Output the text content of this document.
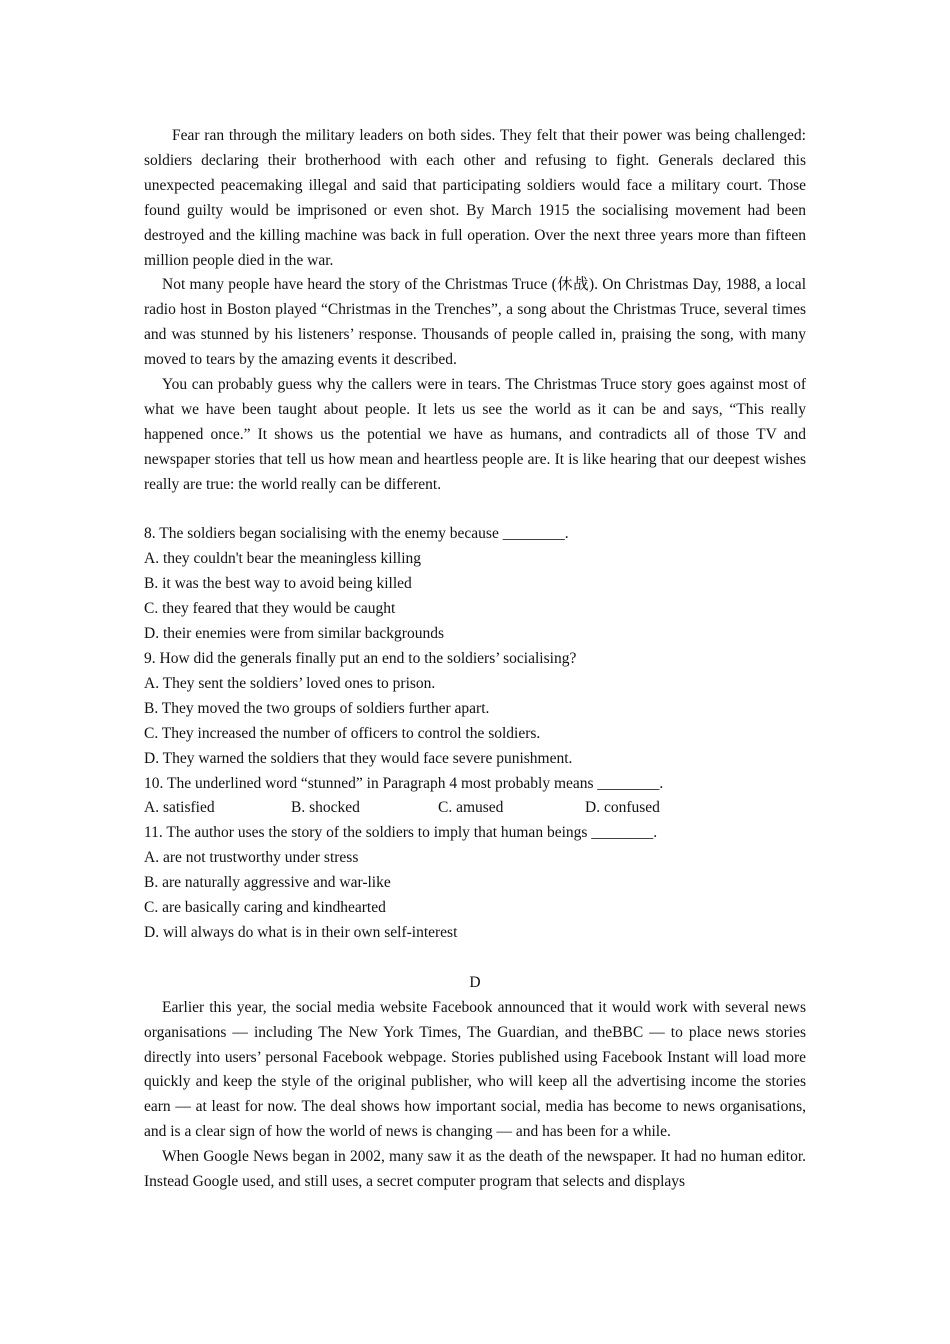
Fear ran through the military leaders on both sides. They felt that their power was being challenged: soldiers declaring their brotherhood with each other and refusing to fight. Generals declared this unexpected peacemaking illegal and said that participating soldiers would face a military court. Those found guilty would be imprisoned or even shot. By March 1915 the socialising movement had been destroyed and the killing machine was back in full operation. Over the next three years more than fifteen million people died in the war.

Not many people have heard the story of the Christmas Truce (休战). On Christmas Day, 1988, a local radio host in Boston played “Christmas in the Trenches”, a song about the Christmas Truce, several times and was stunned by his listeners’ response. Thousands of people called in, praising the song, with many moved to tears by the amazing events it described.

You can probably guess why the callers were in tears. The Christmas Truce story goes against most of what we have been taught about people. It lets us see the world as it can be and says, “This really happened once.” It shows us the potential we have as humans, and contradicts all of those TV and newspaper stories that tell us how mean and heartless people are. It is like hearing that our deepest wishes really are true: the world really can be different.

8. The soldiers began socialising with the enemy because ________.

A. they couldn't bear the meaningless killing

B. it was the best way to avoid being killed

C. they feared that they would be caught

D. their enemies were from similar backgrounds

9. How did the generals finally put an end to the soldiers’ socialising?

A. They sent the soldiers’ loved ones to prison.

B. They moved the two groups of soldiers further apart.

C. They increased the number of officers to control the soldiers.

D. They warned the soldiers that they would face severe punishment.

10. The underlined word “stunned” in Paragraph 4 most probably means ________.

A. satisfied	B. shocked	C. amused	D. confused

11. The author uses the story of the soldiers to imply that human beings ________.

A. are not trustworthy under stress

B. are naturally aggressive and war-like

C. are basically caring and kindhearted

D. will always do what is in their own self-interest

D

Earlier this year, the social media website Facebook announced that it would work with several news organisations — including The New York Times, The Guardian, and theBBC — to place news stories directly into users’ personal Facebook webpage. Stories published using Facebook Instant will load more quickly and keep the style of the original publisher, who will keep all the advertising income the stories earn — at least for now. The deal shows how important social, media has become to news organisations, and is a clear sign of how the world of news is changing — and has been for a while.

When Google News began in 2002, many saw it as the death of the newspaper. It had no human editor. Instead Google used, and still uses, a secret computer program that selects and displays
